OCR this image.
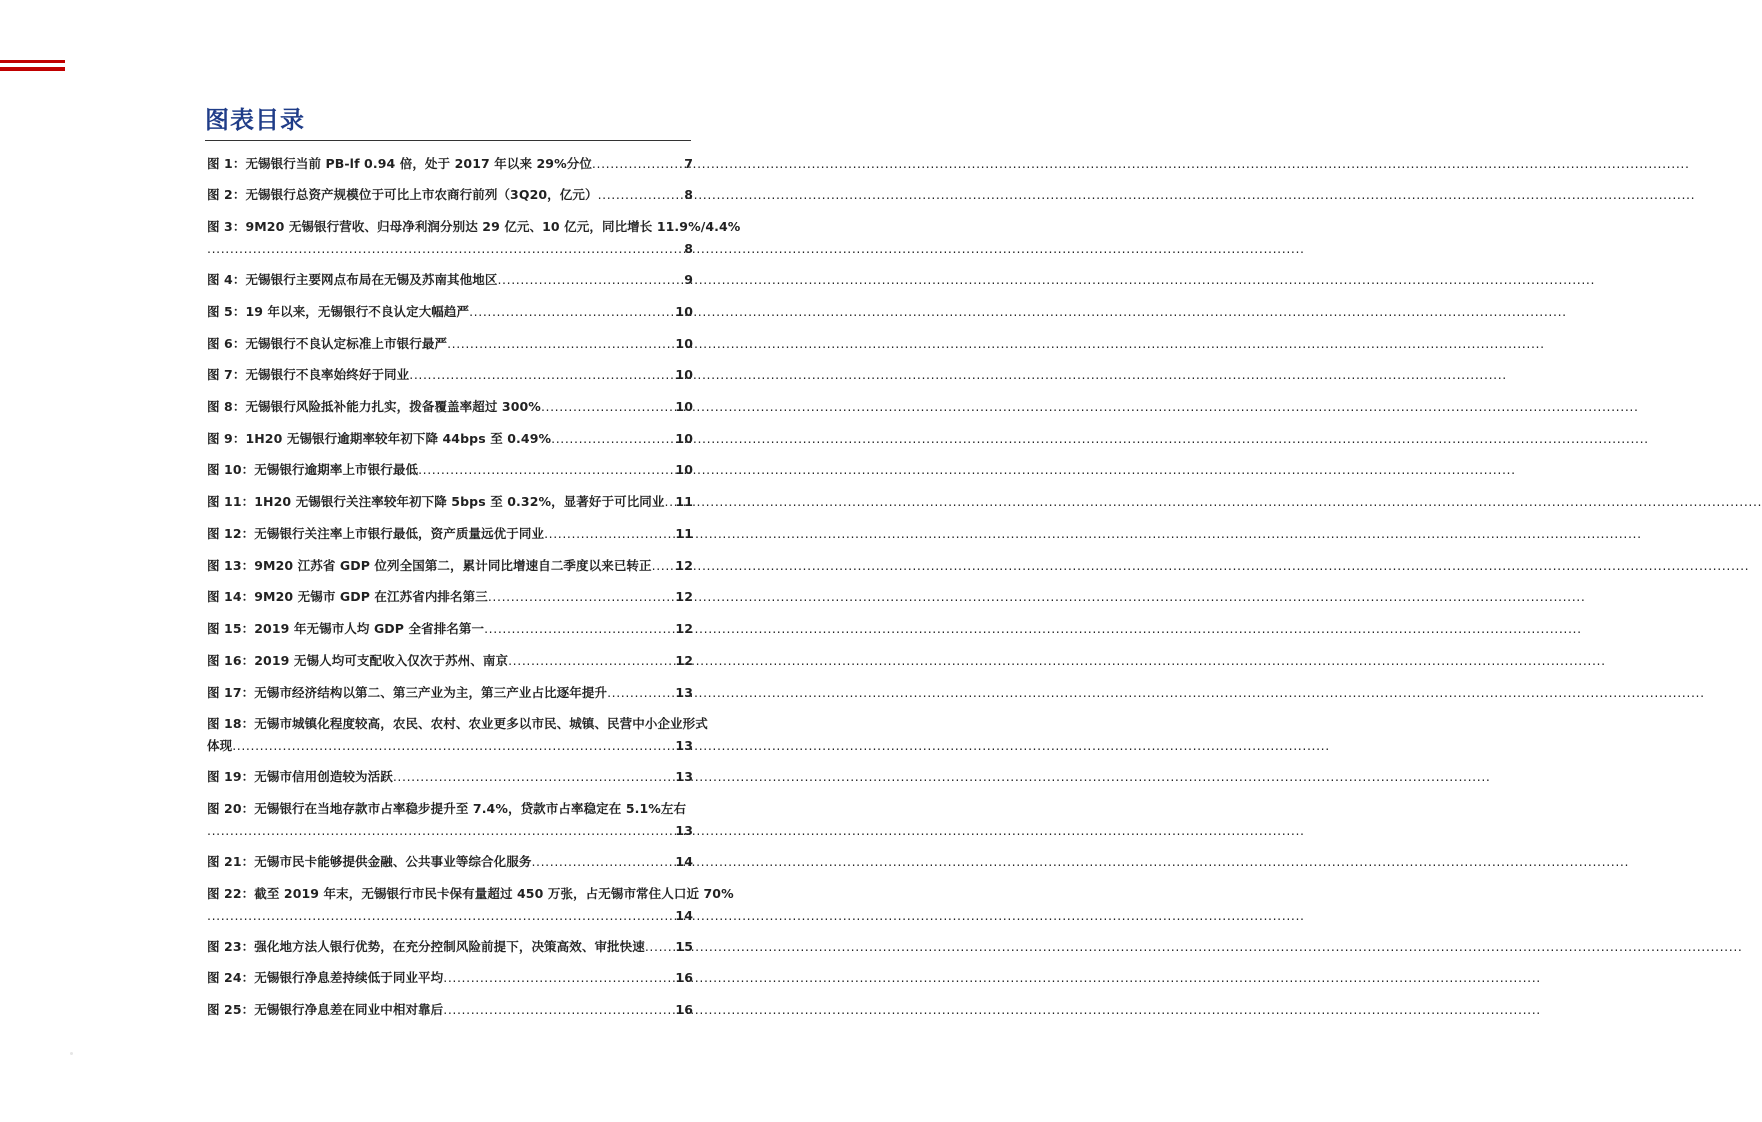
图表目录
图 1：无锡银行当前 PB-lf 0.94 倍，处于 2017 年以来 29%分位 .....	7
图 2：无锡银行总资产规模位于可比上市农商行前列（3Q20，亿元） .....	8
图 3：9M20 无锡银行营收、归母净利润分别达 29 亿元、10 亿元，同比增长 11.9%/4.4%
.....
8
图 4：无锡银行主要网点布局在无锡及苏南其他地区 .....	9
图 5：19 年以来，无锡银行不良认定大幅趋严 .....	10
图 6：无锡银行不良认定标准上市银行最严 .....	10
图 7：无锡银行不良率始终好于同业 .....	10
图 8：无锡银行风险抵补能力扎实，拨备覆盖率超过 300% .....	10
图 9：1H20 无锡银行逾期率较年初下降 44bps 至 0.49% .....	10
图 10：无锡银行逾期率上市银行最低 .....	10
图 11：1H20 无锡银行关注率较年初下降 5bps 至 0.32%，显著好于可比同业 ..... 11
图 12：无锡银行关注率上市银行最低，资产质量远优于同业 .....	11
图 13：9M20 江苏省 GDP 位列全国第二，累计同比增速自二季度以来已转正 ..... 12
图 14：9M20 无锡市 GDP 在江苏省内排名第三 .....	12
图 15：2019 年无锡市人均 GDP 全省排名第一 .....	12
图 16：2019 无锡人均可支配收入仅次于苏州、南京 .....	12
图 17：无锡市经济结构以第二、第三产业为主，第三产业占比逐年提升 .....	13
图 18：无锡市城镇化程度较高，农民、农村、农业更多以市民、城镇、民营中小企业形式
体现 .....	13
图 19：无锡市信用创造较为活跃 .....	13
图 20：无锡银行在当地存款市占率稳步提升至 7.4%，贷款市占率稳定在 5.1%左右
.....
13
图 21：无锡市民卡能够提供金融、公共事业等综合化服务 .....	14
图 22：截至 2019 年末，无锡银行市民卡保有量超过 450 万张，占无锡市常住人口近 70%
.....
14
图 23：强化地方法人银行优势，在充分控制风险前提下，决策高效、审批快速 ..... 15
图 24：无锡银行净息差持续低于同业平均 .....	16
图 25：无锡银行净息差在同业中相对靠后 .....	16
